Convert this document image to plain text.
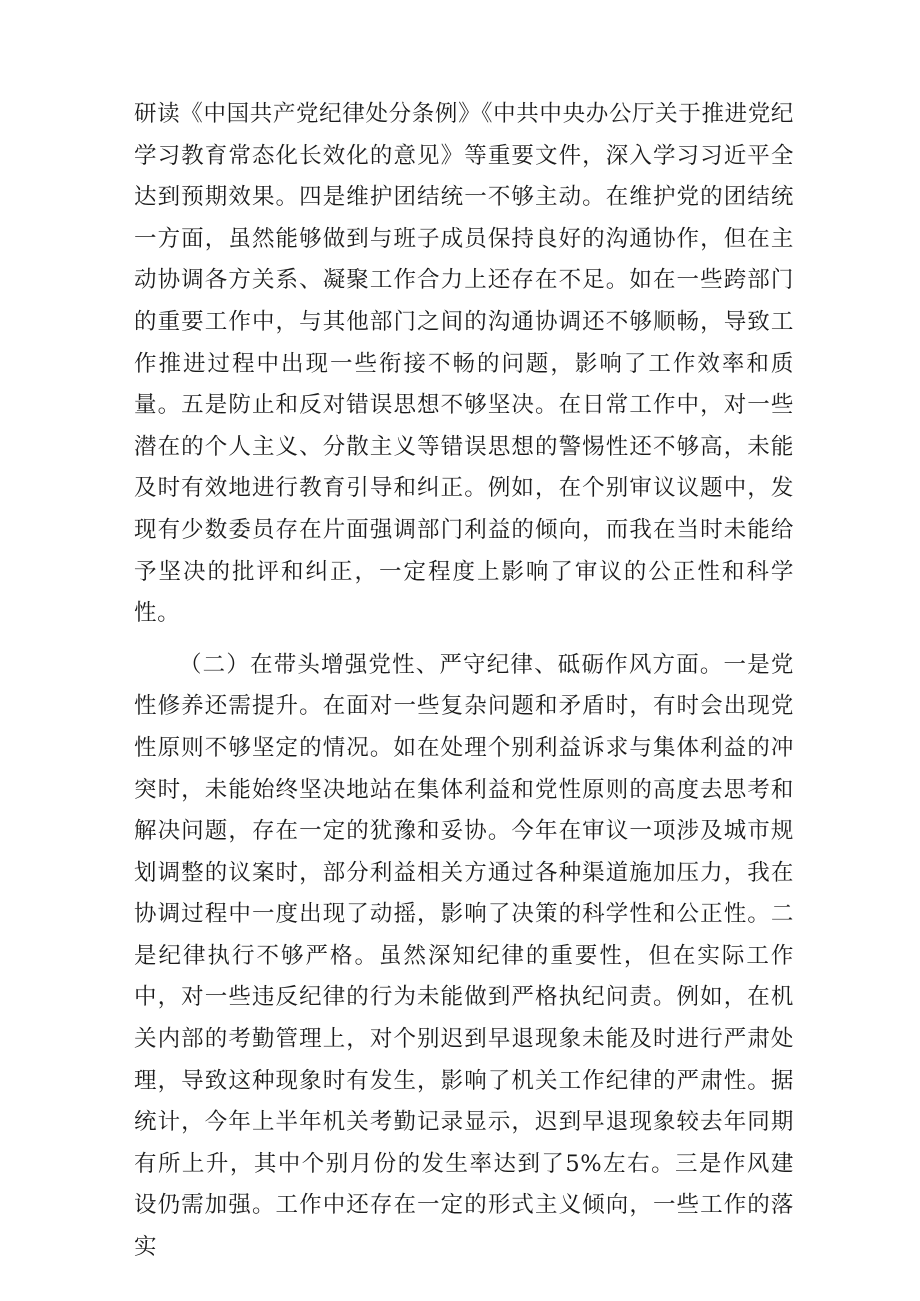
研读《中国共产党纪律处分条例》《中共中央办公厅关于推进党纪学习教育常态化长效化的意见》等重要文件，深入学习习近平全达到预期效果。四是维护团结统一不够主动。在维护党的团结统一方面，虽然能够做到与班子成员保持良好的沟通协作，但在主动协调各方关系、凝聚工作合力上还存在不足。如在一些跨部门的重要工作中，与其他部门之间的沟通协调还不够顺畅，导致工作推进过程中出现一些衔接不畅的问题，影响了工作效率和质量。五是防止和反对错误思想不够坚决。在日常工作中，对一些潜在的个人主义、分散主义等错误思想的警惕性还不够高，未能及时有效地进行教育引导和纠正。例如，在个别审议议题中，发现有少数委员存在片面强调部门利益的倾向，而我在当时未能给予坚决的批评和纠正，一定程度上影响了审议的公正性和科学性。

（二）在带头增强党性、严守纪律、砥砺作风方面。一是党性修养还需提升。在面对一些复杂问题和矛盾时，有时会出现党性原则不够坚定的情况。如在处理个别利益诉求与集体利益的冲突时，未能始终坚决地站在集体利益和党性原则的高度去思考和解决问题，存在一定的犹豫和妥协。今年在审议一项涉及城市规划调整的议案时，部分利益相关方通过各种渠道施加压力，我在协调过程中一度出现了动摇，影响了决策的科学性和公正性。二是纪律执行不够严格。虽然深知纪律的重要性，但在实际工作中，对一些违反纪律的行为未能做到严格执纪问责。例如，在机关内部的考勤管理上，对个别迟到早退现象未能及时进行严肃处理，导致这种现象时有发生，影响了机关工作纪律的严肃性。据统计，今年上半年机关考勤记录显示，迟到早退现象较去年同期有所上升，其中个别月份的发生率达到了5%左右。三是作风建设仍需加强。工作中还存在一定的形式主义倾向，一些工作的落实
